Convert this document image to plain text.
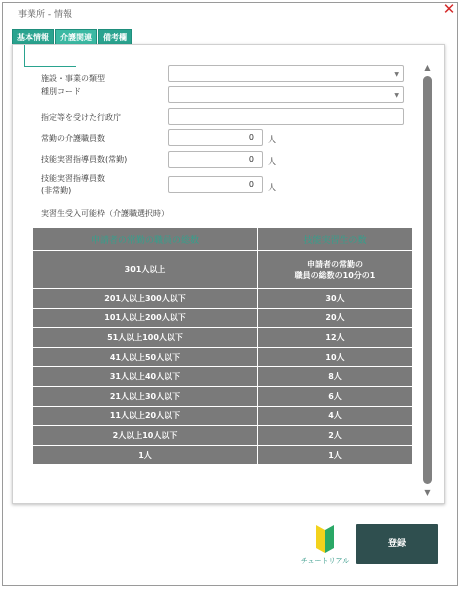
事業所 - 情報	✕
基本情報	介護関連	備考欄
施設・事業の類型	▼
種別コード	▼
指定等を受けた行政庁
常勤の介護職員数	0	人
技能実習指導員数(常勤)	0	人
技能実習指導員数
(非常勤)
0	人
実習生受入可能枠（介護職選択時）
申請者の常勤の職員の総数	技能実習生の数
301人以上	申請者の常勤の
職員の総数の10分の1
201人以上300人以下	30人
101人以上200人以下	20人
51人以上100人以下	12人
41人以上50人以下	10人
31人以上40人以下	8人
21人以上30人以下	6人
11人以上20人以下	4人
2人以上10人以下	2人
1人	1人
▲
▼
チュートリアル
登録
